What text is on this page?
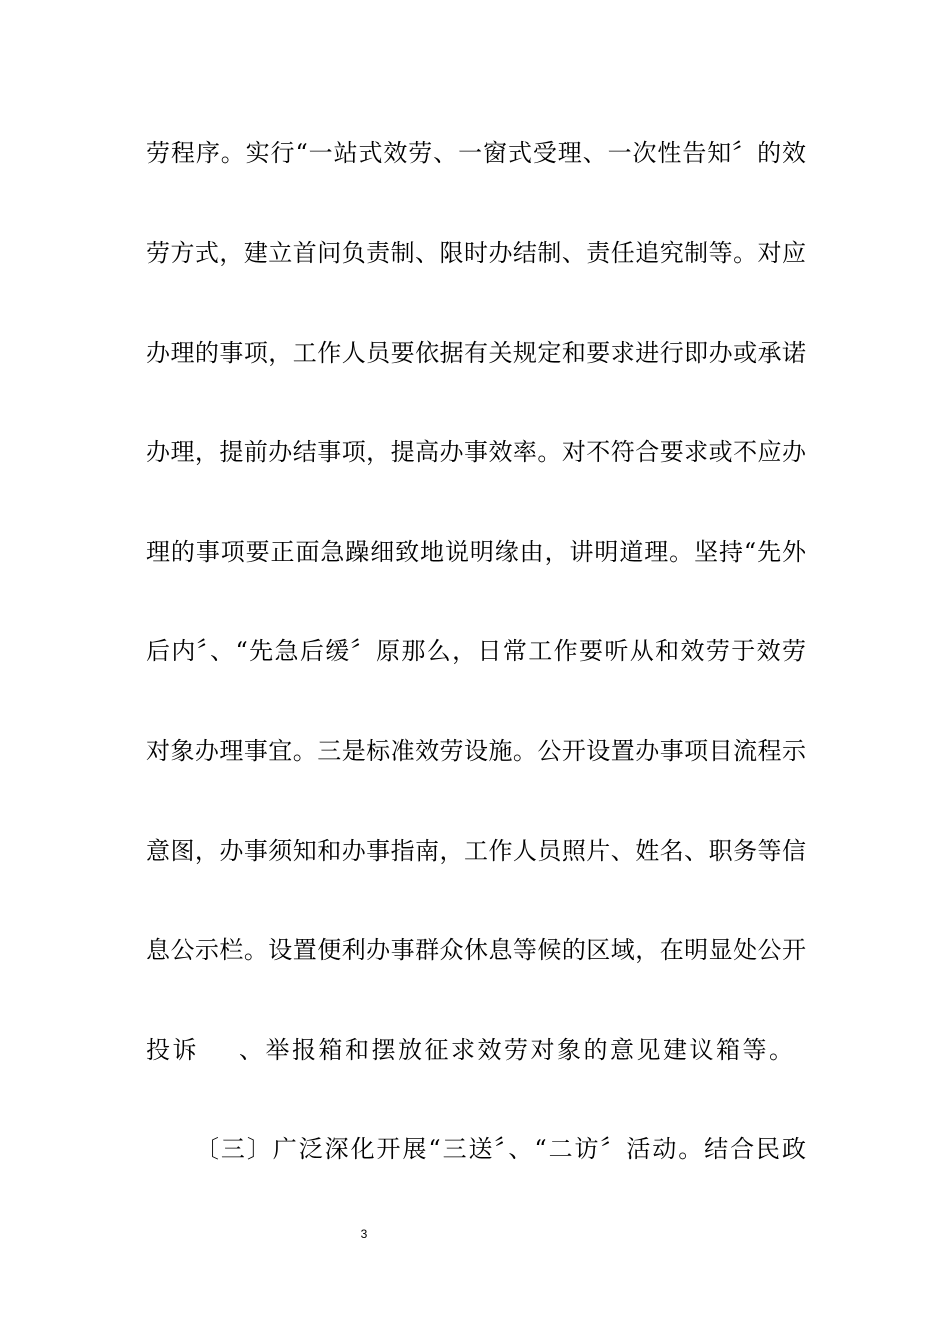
劳程序。实行“一站式效劳、一窗式受理、一次性告知〞的效
劳方式，建立首问负责制、限时办结制、责任追究制等。对应
办理的事项，工作人员要依据有关规定和要求进行即办或承诺
办理，提前办结事项，提高办事效率。对不符合要求或不应办
理的事项要正面急躁细致地说明缘由，讲明道理。坚持“先外
后内〞、“先急后缓〞原那么，日常工作要听从和效劳于效劳
对象办理事宜。三是标准效劳设施。公开设置办事项目流程示
意图，办事须知和办事指南，工作人员照片、姓名、职务等信
息公示栏。设置便利办事群众休息等候的区域，在明显处公开
投诉 、举报箱和摆放征求效劳对象的意见建议箱等。
〔三〕广泛深化开展“三送〞、“二访〞活动。结合民政
3
